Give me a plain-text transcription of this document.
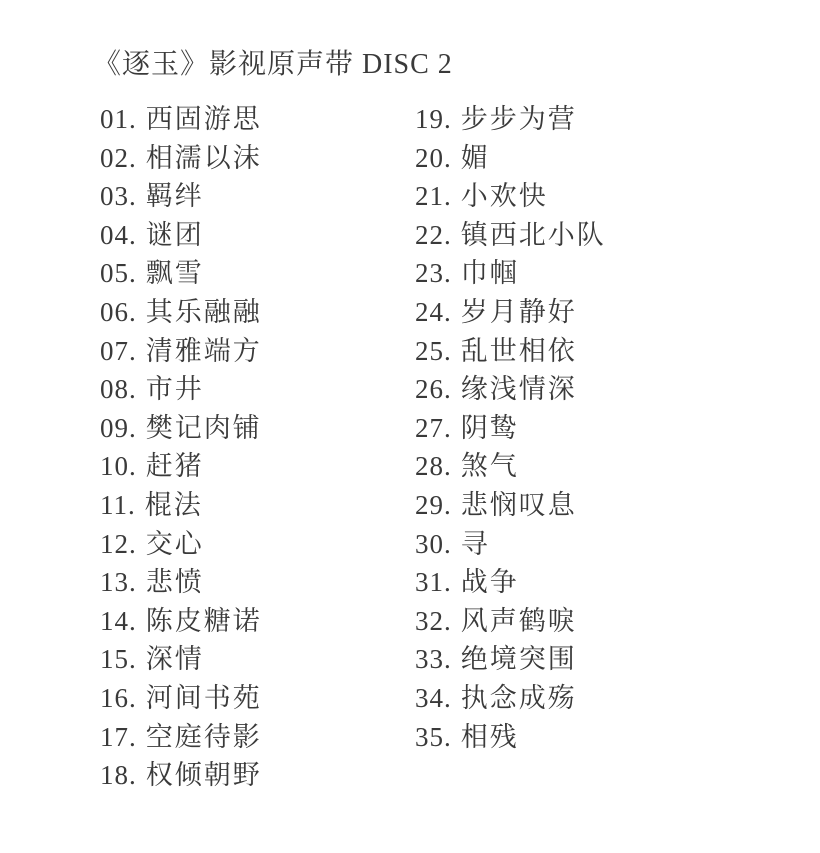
《逐玉》影视原声带 DISC 2
01. 西固游思
02. 相濡以沫
03. 羁绊
04. 谜团
05. 飘雪
06. 其乐融融
07. 清雅端方
08. 市井
09. 樊记肉铺
10. 赶猪
11. 棍法
12. 交心
13. 悲愤
14. 陈皮糖诺
15. 深情
16. 河间书苑
17. 空庭待影
18. 权倾朝野
19. 步步为营
20. 媚
21. 小欢快
22. 镇西北小队
23. 巾帼
24. 岁月静好
25. 乱世相依
26. 缘浅情深
27. 阴鸷
28. 煞气
29. 悲悯叹息
30. 寻
31. 战争
32. 风声鹤唳
33. 绝境突围
34. 执念成殇
35. 相残
